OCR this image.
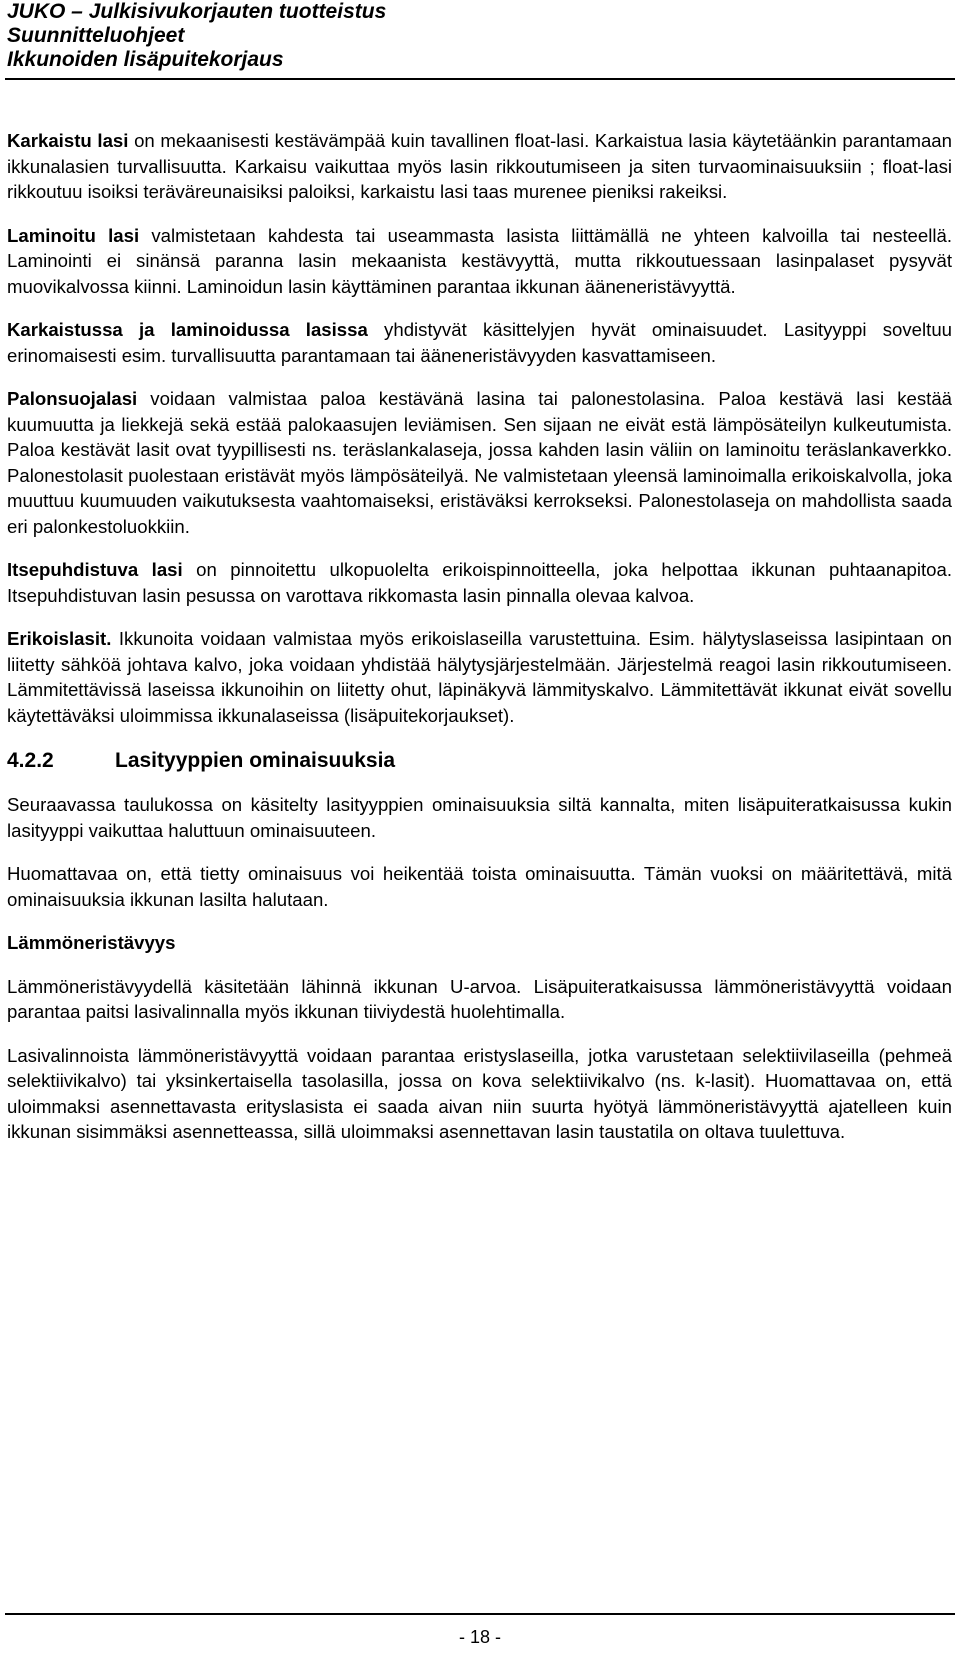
JUKO – Julkisivukorjauten tuotteistus
Suunnitteluohjeet
Ikkunoiden lisäpuitekorjaus

Karkaistu lasi on mekaanisesti kestävämpää kuin tavallinen float-lasi. Karkaistua lasia käytetäänkin parantamaan ikkunalasien turvallisuutta. Karkaisu vaikuttaa myös lasin rikkoutumiseen ja siten turvaominaisuuksiin ; float-lasi rikkoutuu isoiksi teräväreunaisiksi paloiksi, karkaistu lasi taas murenee pieniksi rakeiksi.

Laminoitu lasi valmistetaan kahdesta tai useammasta lasista liittämällä ne yhteen kalvoilla tai nesteellä. Laminointi ei sinänsä paranna lasin mekaanista kestävyyttä, mutta rikkoutuessaan lasinpalaset pysyvät muovikalvossa kiinni. Laminoidun lasin käyttäminen parantaa ikkunan ääneneristävyyttä.

Karkaistussa ja laminoidussa lasissa yhdistyvät käsittelyjen hyvät ominaisuudet. Lasityyppi soveltuu erinomaisesti esim. turvallisuutta parantamaan tai ääneneristävyyden kasvattamiseen.

Palonsuojalasi voidaan valmistaa paloa kestävänä lasina tai palonestolasina. Paloa kestävä lasi kestää kuumuutta ja liekkejä sekä estää palokaasujen leviämisen. Sen sijaan ne eivät estä lämpösäteilyn kulkeutumista. Paloa kestävät lasit ovat tyypillisesti ns. teräslankalaseja, jossa kahden lasin väliin on laminoitu teräslankaverkko. Palonestolasit puolestaan eristävät myös lämpösäteilyä. Ne valmistetaan yleensä laminoimalla erikoiskalvolla, joka muuttuu kuumuuden vaikutuksesta vaahtomaiseksi, eristäväksi kerrokseksi. Palonestolaseja on mahdollista saada eri palonkestoluokkiin.

Itsepuhdistuva lasi on pinnoitettu ulkopuolelta erikoispinnoitteella, joka helpottaa ikkunan puhtaanapitoa. Itsepuhdistuvan lasin pesussa on varottava rikkomasta lasin pinnalla olevaa kalvoa.

Erikoislasit. Ikkunoita voidaan valmistaa myös erikoislaseilla varustettuina. Esim. hälytyslaseissa lasipintaan on liitetty sähköä johtava kalvo, joka voidaan yhdistää hälytysjärjestelmään. Järjestelmä reagoi lasin rikkoutumiseen. Lämmitettävissä laseissa ikkunoihin on liitetty ohut, läpinäkyvä lämmityskalvo. Lämmitettävät ikkunat eivät sovellu käytettäväksi uloimmissa ikkunalaseissa (lisäpuitekorjaukset).

4.2.2	Lasityyppien ominaisuuksia

Seuraavassa taulukossa on käsitelty lasityyppien ominaisuuksia siltä kannalta, miten lisäpuiteratkaisussa kukin lasityyppi vaikuttaa haluttuun ominaisuuteen.

Huomattavaa on, että tietty ominaisuus voi heikentää toista ominaisuutta. Tämän vuoksi on määritettävä, mitä ominaisuuksia ikkunan lasilta halutaan.

Lämmöneristävyys

Lämmöneristävyydellä käsitetään lähinnä ikkunan U-arvoa. Lisäpuiteratkaisussa lämmöneristävyyttä voidaan parantaa paitsi lasivalinnalla myös ikkunan tiiviydestä huolehtimalla.

Lasivalinnoista lämmöneristävyyttä voidaan parantaa eristyslaseilla, jotka varustetaan selektiivilaseilla (pehmeä selektiivikalvo) tai yksinkertaisella tasolasilla, jossa on kova selektiivikalvo (ns. k-lasit). Huomattavaa on, että uloimmaksi asennettavasta erityslasista ei saada aivan niin suurta hyötyä lämmöneristävyyttä ajatelleen kuin ikkunan sisimmäksi asennetteassa, sillä uloimmaksi asennettavan lasin taustatila on oltava tuulettuva.

- 18 -
